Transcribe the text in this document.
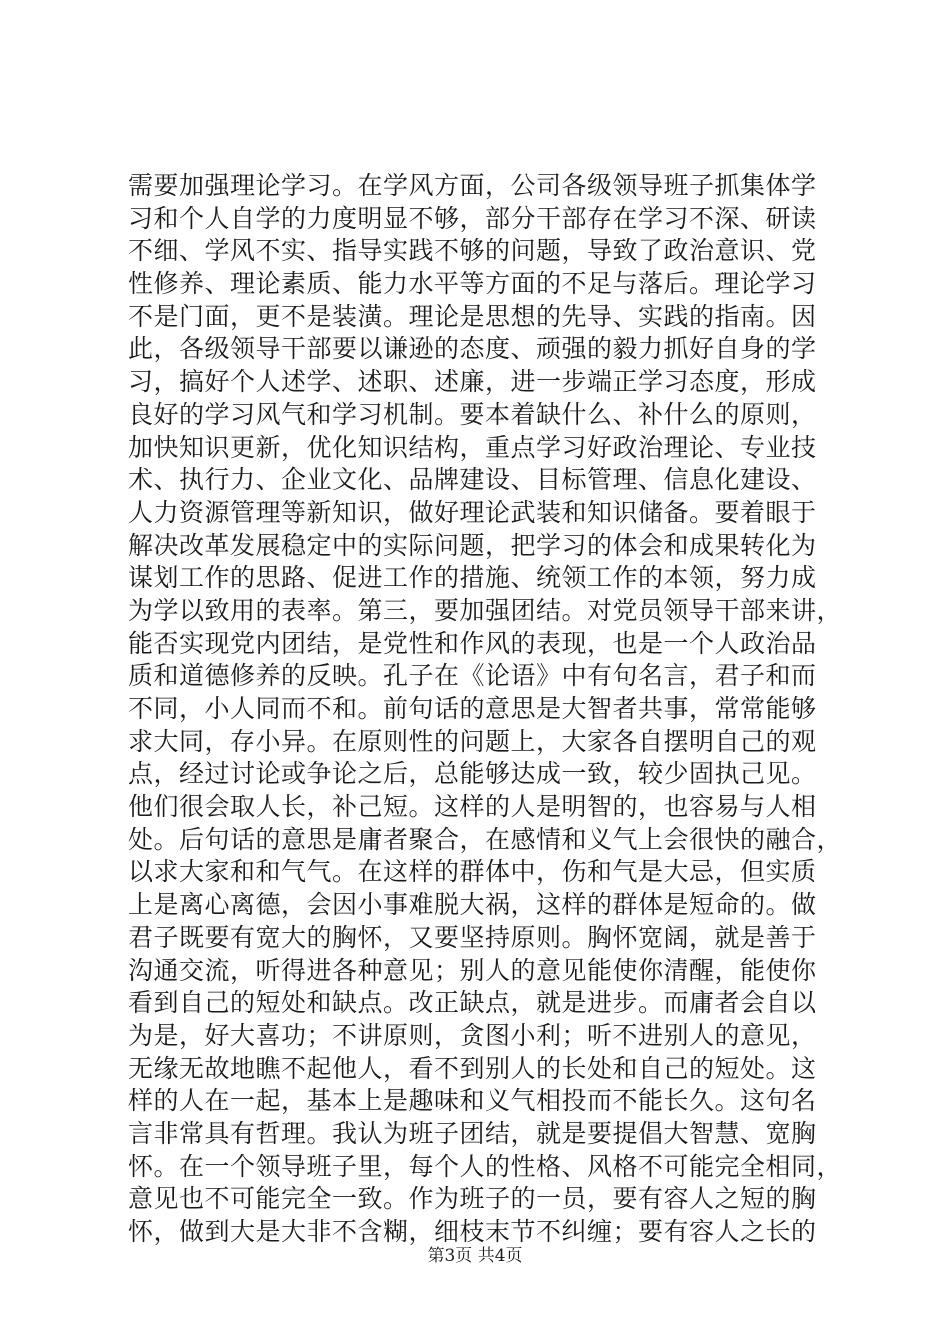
需要加强理论学习。在学风方面，公司各级领导班子抓集体学
习和个人自学的力度明显不够，部分干部存在学习不深、研读
不细、学风不实、指导实践不够的问题，导致了政治意识、党
性修养、理论素质、能力水平等方面的不足与落后。理论学习
不是门面，更不是装潢。理论是思想的先导、实践的指南。因
此，各级领导干部要以谦逊的态度、顽强的毅力抓好自身的学
习，搞好个人述学、述职、述廉，进一步端正学习态度，形成
良好的学习风气和学习机制。要本着缺什么、补什么的原则，
加快知识更新，优化知识结构，重点学习好政治理论、专业技
术、执行力、企业文化、品牌建设、目标管理、信息化建设、
人力资源管理等新知识，做好理论武装和知识储备。要着眼于
解决改革发展稳定中的实际问题，把学习的体会和成果转化为
谋划工作的思路、促进工作的措施、统领工作的本领，努力成
为学以致用的表率。第三，要加强团结。对党员领导干部来讲，
能否实现党内团结，是党性和作风的表现，也是一个人政治品
质和道德修养的反映。孔子在《论语》中有句名言，君子和而
不同，小人同而不和。前句话的意思是大智者共事，常常能够
求大同，存小异。在原则性的问题上，大家各自摆明自己的观
点，经过讨论或争论之后，总能够达成一致，较少固执己见。
他们很会取人长，补己短。这样的人是明智的，也容易与人相
处。后句话的意思是庸者聚合，在感情和义气上会很快的融合，
以求大家和和气气。在这样的群体中，伤和气是大忌，但实质
上是离心离德，会因小事难脱大祸，这样的群体是短命的。做
君子既要有宽大的胸怀，又要坚持原则。胸怀宽阔，就是善于
沟通交流，听得进各种意见；别人的意见能使你清醒，能使你
看到自己的短处和缺点。改正缺点，就是进步。而庸者会自以
为是，好大喜功；不讲原则，贪图小利；听不进别人的意见，
无缘无故地瞧不起他人，看不到别人的长处和自己的短处。这
样的人在一起，基本上是趣味和义气相投而不能长久。这句名
言非常具有哲理。我认为班子团结，就是要提倡大智慧、宽胸
怀。在一个领导班子里，每个人的性格、风格不可能完全相同，
意见也不可能完全一致。作为班子的一员，要有容人之短的胸
怀，做到大是大非不含糊，细枝末节不纠缠；要有容人之长的
第3页 共4页
